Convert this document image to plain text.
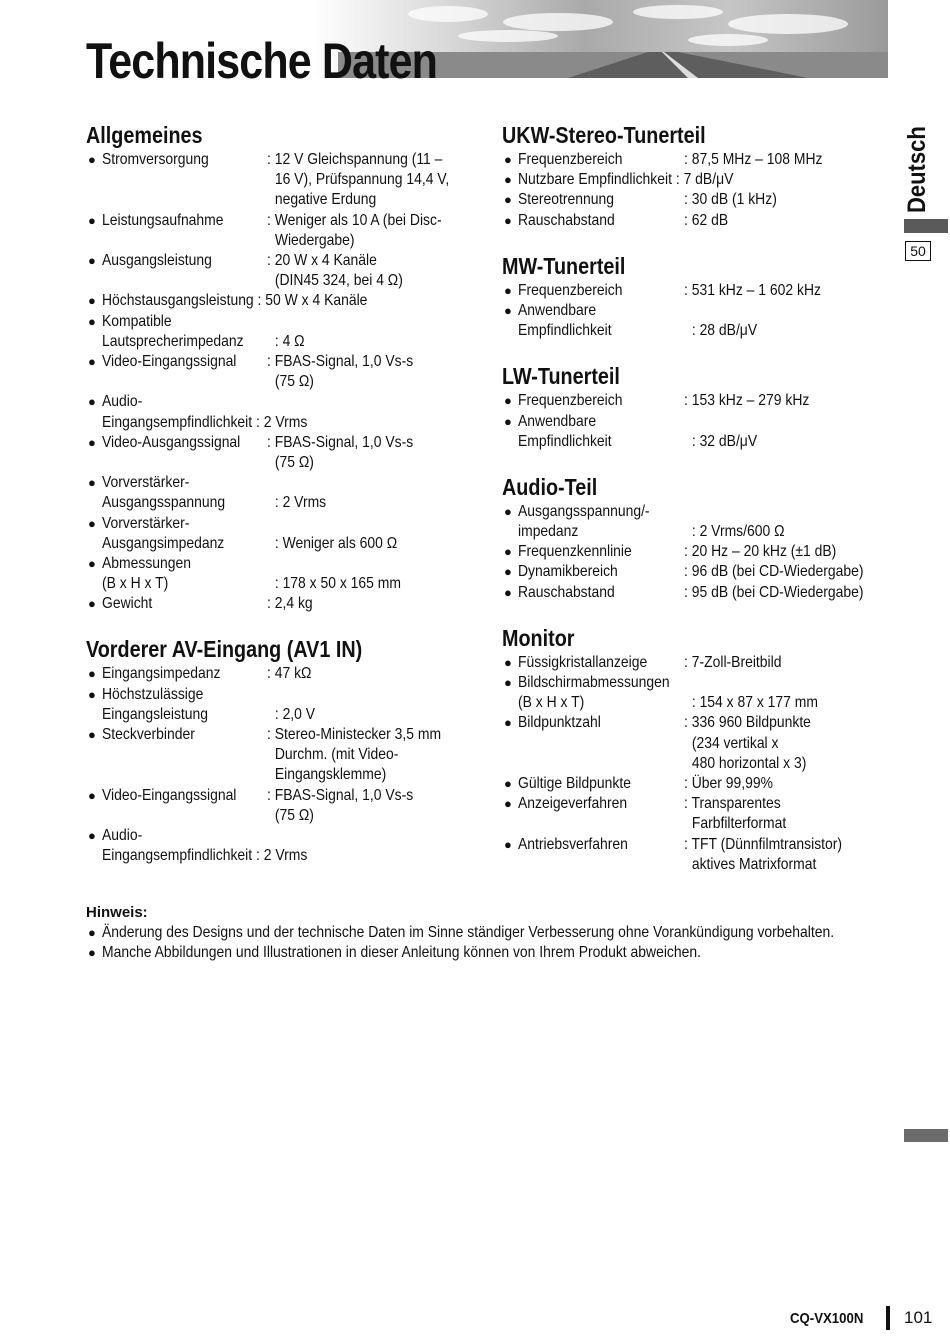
Technische Daten
Deutsch
50
Allgemeines
● Stromversorgung	: 12 V Gleichspannung (11 –
16 V), Prüfspannung 14,4 V,
negative Erdung
● Leistungsaufnahme	: Weniger als 10 A (bei Disc-
Wiedergabe)
● Ausgangsleistung	: 20 W x 4 Kanäle
(DIN45 324, bei 4 Ω)
● Höchstausgangsleistung : 50 W x 4 Kanäle
● Kompatible
Lautsprecherimpedanz	: 4 Ω
● Video-Eingangssignal	: FBAS-Signal, 1,0 Vs-s
(75 Ω)
● Audio-
Eingangsempfindlichkeit : 2 Vrms
● Video-Ausgangssignal	: FBAS-Signal, 1,0 Vs-s
(75 Ω)
● Vorverstärker-
Ausgangsspannung	: 2 Vrms
● Vorverstärker-
Ausgangsimpedanz	: Weniger als 600 Ω
● Abmessungen
(B x H x T)	: 178 x 50 x 165 mm
● Gewicht	: 2,4 kg
Vorderer AV-Eingang (AV1 IN)
● Eingangsimpedanz	: 47 kΩ
● Höchstzulässige
Eingangsleistung	: 2,0 V
● Steckverbinder	: Stereo-Ministecker 3,5 mm
Durchm. (mit Video-
Eingangsklemme)
● Video-Eingangssignal	: FBAS-Signal, 1,0 Vs-s
(75 Ω)
● Audio-
Eingangsempfindlichkeit : 2 Vrms
UKW-Stereo-Tunerteil
● Frequenzbereich	: 87,5 MHz – 108 MHz
● Nutzbare Empfindlichkeit : 7 dB/μV
● Stereotrennung	: 30 dB (1 kHz)
● Rauschabstand	: 62 dB
MW-Tunerteil
● Frequenzbereich	: 531 kHz – 1 602 kHz
● Anwendbare
Empfindlichkeit	: 28 dB/μV
LW-Tunerteil
● Frequenzbereich	: 153 kHz – 279 kHz
● Anwendbare
Empfindlichkeit	: 32 dB/μV
Audio-Teil
● Ausgangsspannung/-
impedanz	: 2 Vrms/600 Ω
● Frequenzkennlinie	: 20 Hz – 20 kHz (±1 dB)
● Dynamikbereich	: 96 dB (bei CD-Wiedergabe)
● Rauschabstand	: 95 dB (bei CD-Wiedergabe)
Monitor
● Füssigkristallanzeige	: 7-Zoll-Breitbild
● Bildschirmabmessungen
(B x H x T)	: 154 x 87 x 177 mm
● Bildpunktzahl	: 336 960 Bildpunkte
(234 vertikal x
480 horizontal x 3)
● Gültige Bildpunkte	: Über 99,99%
● Anzeigeverfahren	: Transparentes
Farbfilterformat
● Antriebsverfahren	: TFT (Dünnfilmtransistor)
aktives Matrixformat

Hinweis:

● Änderung des Designs und der technische Daten im Sinne ständiger Verbesserung ohne Vorankündigung vorbehalten.
● Manche Abbildungen und Illustrationen in dieser Anleitung können von Ihrem Produkt abweichen.
CQ-VX100N 101
